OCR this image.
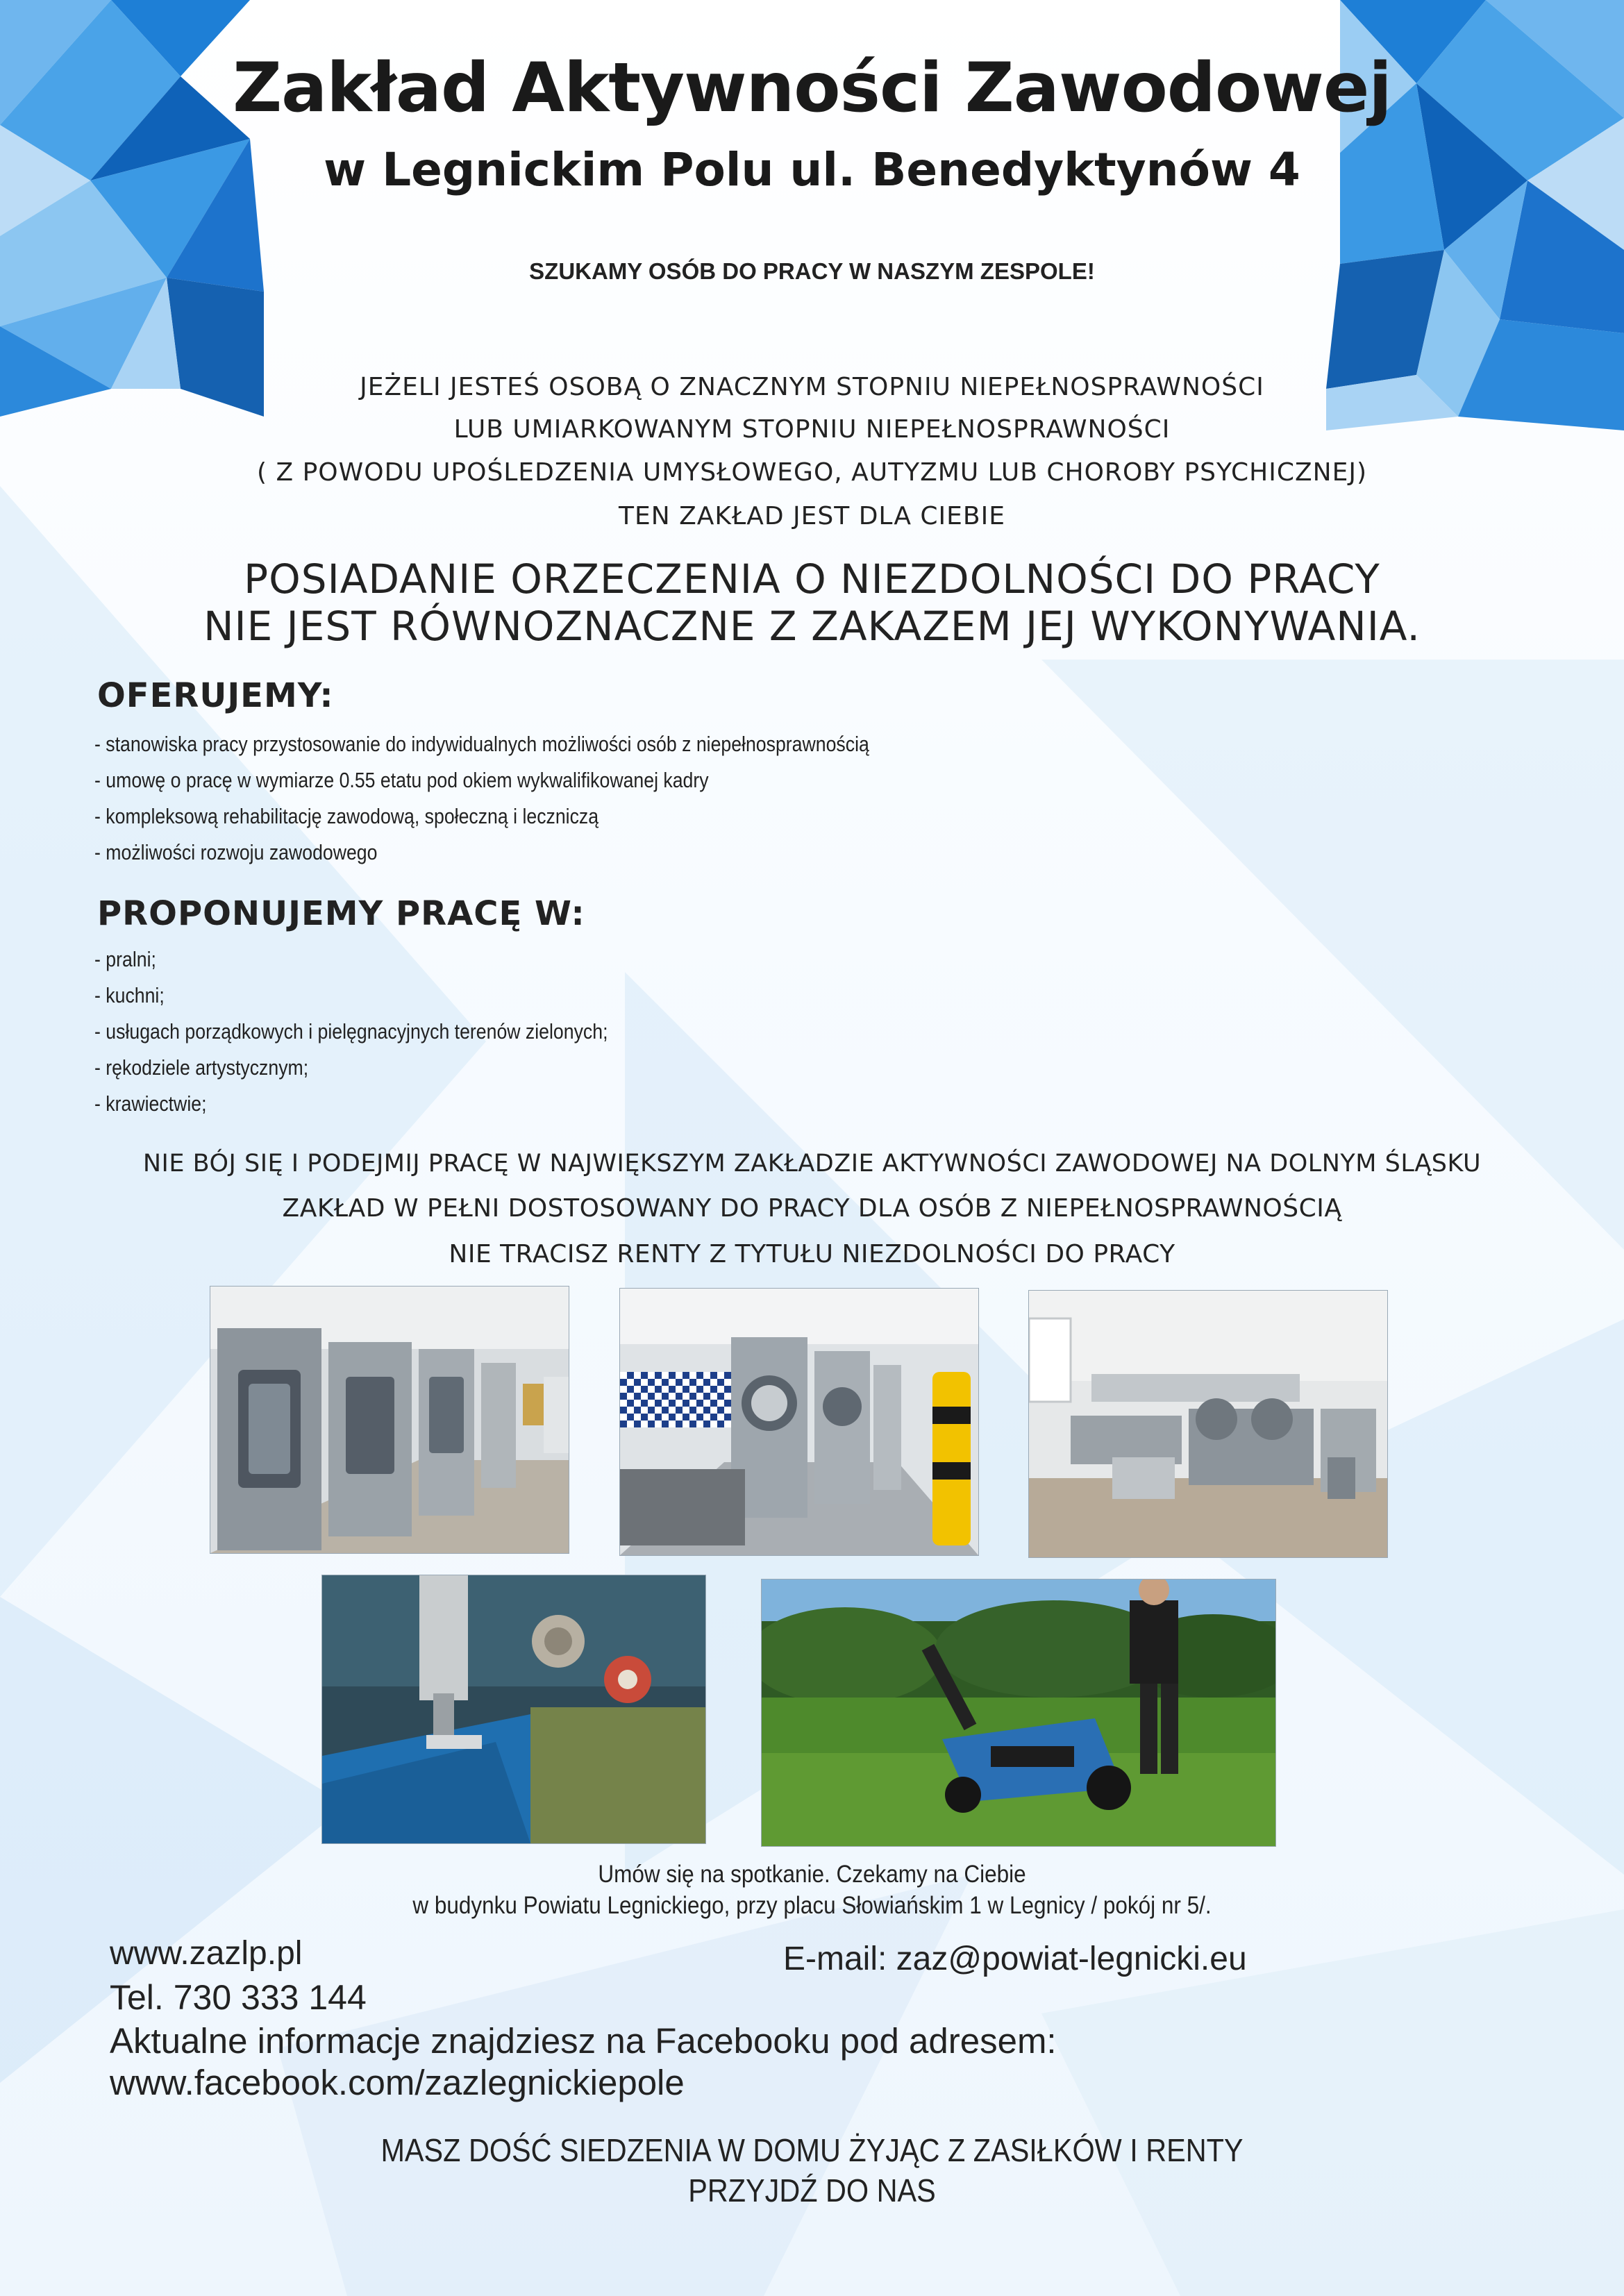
Zakład Aktywności Zawodowej
w Legnickim Polu ul. Benedyktynów 4

SZUKAMY OSÓB DO PRACY W NASZYM ZESPOLE!

JEŻELI JESTEŚ OSOBĄ O ZNACZNYM STOPNIU NIEPEŁNOSPRAWNOŚCI

LUB UMIARKOWANYM STOPNIU NIEPEŁNOSPRAWNOŚCI

( Z POWODU UPOŚLEDZENIA UMYSŁOWEGO, AUTYZMU LUB CHOROBY PSYCHICZNEJ)

TEN ZAKŁAD JEST DLA CIEBIE

POSIADANIE ORZECZENIA O NIEZDOLNOŚCI DO PRACY

NIE JEST RÓWNOZNACZNE Z ZAKAZEM JEJ WYKONYWANIA.

OFERUJEMY:
- stanowiska pracy przystosowanie do indywidualnych możliwości osób z niepełnosprawnością
- umowę o pracę w wymiarze 0.55 etatu pod okiem wykwalifikowanej kadry
- kompleksową rehabilitację zawodową, społeczną i leczniczą
- możliwości rozwoju zawodowego
PROPONUJEMY PRACĘ W:
- pralni;
- kuchni;
- usługach porządkowych i pielęgnacyjnych terenów zielonych;
- rękodziele artystycznym;
- krawiectwie;

NIE BÓJ SIĘ I PODEJMIJ PRACĘ W NAJWIĘKSZYM ZAKŁADZIE AKTYWNOŚCI ZAWODOWEJ NA DOLNYM ŚLĄSKU

ZAKŁAD W PEŁNI DOSTOSOWANY DO PRACY DLA OSÓB Z NIEPEŁNOSPRAWNOŚCIĄ

NIE TRACISZ RENTY Z TYTUŁU NIEZDOLNOŚCI DO PRACY

Umów się na spotkanie. Czekamy na Ciebie

w budynku Powiatu Legnickiego, przy placu Słowiańskim 1 w Legnicy / pokój nr 5/.

www.zazlp.pl	E-mail: zaz@powiat-legnicki.eu

Tel. 730 333 144

Aktualne informacje znajdziesz na Facebooku pod adresem:

www.facebook.com/zazlegnickiepole

MASZ DOŚĆ SIEDZENIA W DOMU ŻYJĄC Z ZASIŁKÓW I RENTY

PRZYJDŹ DO NAS
